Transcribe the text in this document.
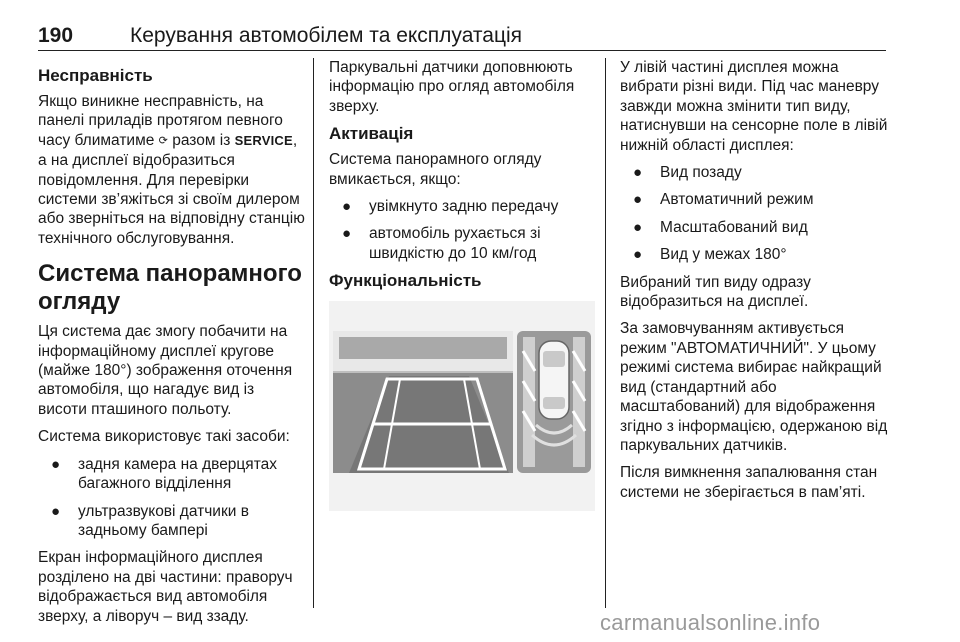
190	Керування автомобілем та експлуатація
Несправність

Якщо виникне несправність, на панелі приладів протягом певного часу блиматиме ⟳ разом із SERVICE, а на дисплеї відобразиться повідомлення. Для перевірки системи зв’яжіться зі своїм дилером або зверніться на відповідну станцію технічного обслуговування.

Система панорамного огляду

Ця система дає змогу побачити на інформаційному дисплеї кругове (майже 180°) зображення оточення автомобіля, що нагадує вид із висоти пташиного польоту.

Система використовує такі засоби:

● задня камера на дверцятах багажного відділення
● ультразвукові датчики в задньому бампері

Екран інформаційного дисплея розділено на дві частини: праворуч відображається вид автомобіля зверху, а ліворуч – вид ззаду.

Паркувальні датчики доповнюють інформацію про огляд автомобіля зверху.

Активація

Система панорамного огляду вмикається, якщо:

● увімкнуто задню передачу
● автомобіль рухається зі швидкістю до 10 км/год
Функціональність

У лівій частині дисплея можна вибрати різні види. Під час маневру завжди можна змінити тип виду, натиснувши на сенсорне поле в лівій нижній області дисплея:

● Вид позаду
● Автоматичний режим
● Масштабований вид
● Вид у межах 180°

Вибраний тип виду одразу відобразиться на дисплеї.

За замовчуванням активується режим "АВТОМАТИЧНИЙ". У цьому режимі система вибирає найкращий вид (стандартний або масштабований) для відображення згідно з інформацією, одержаною від паркувальних датчиків.

Після вимкнення запалювання стан системи не зберігається в пам’яті.

carmanualsonline.info
